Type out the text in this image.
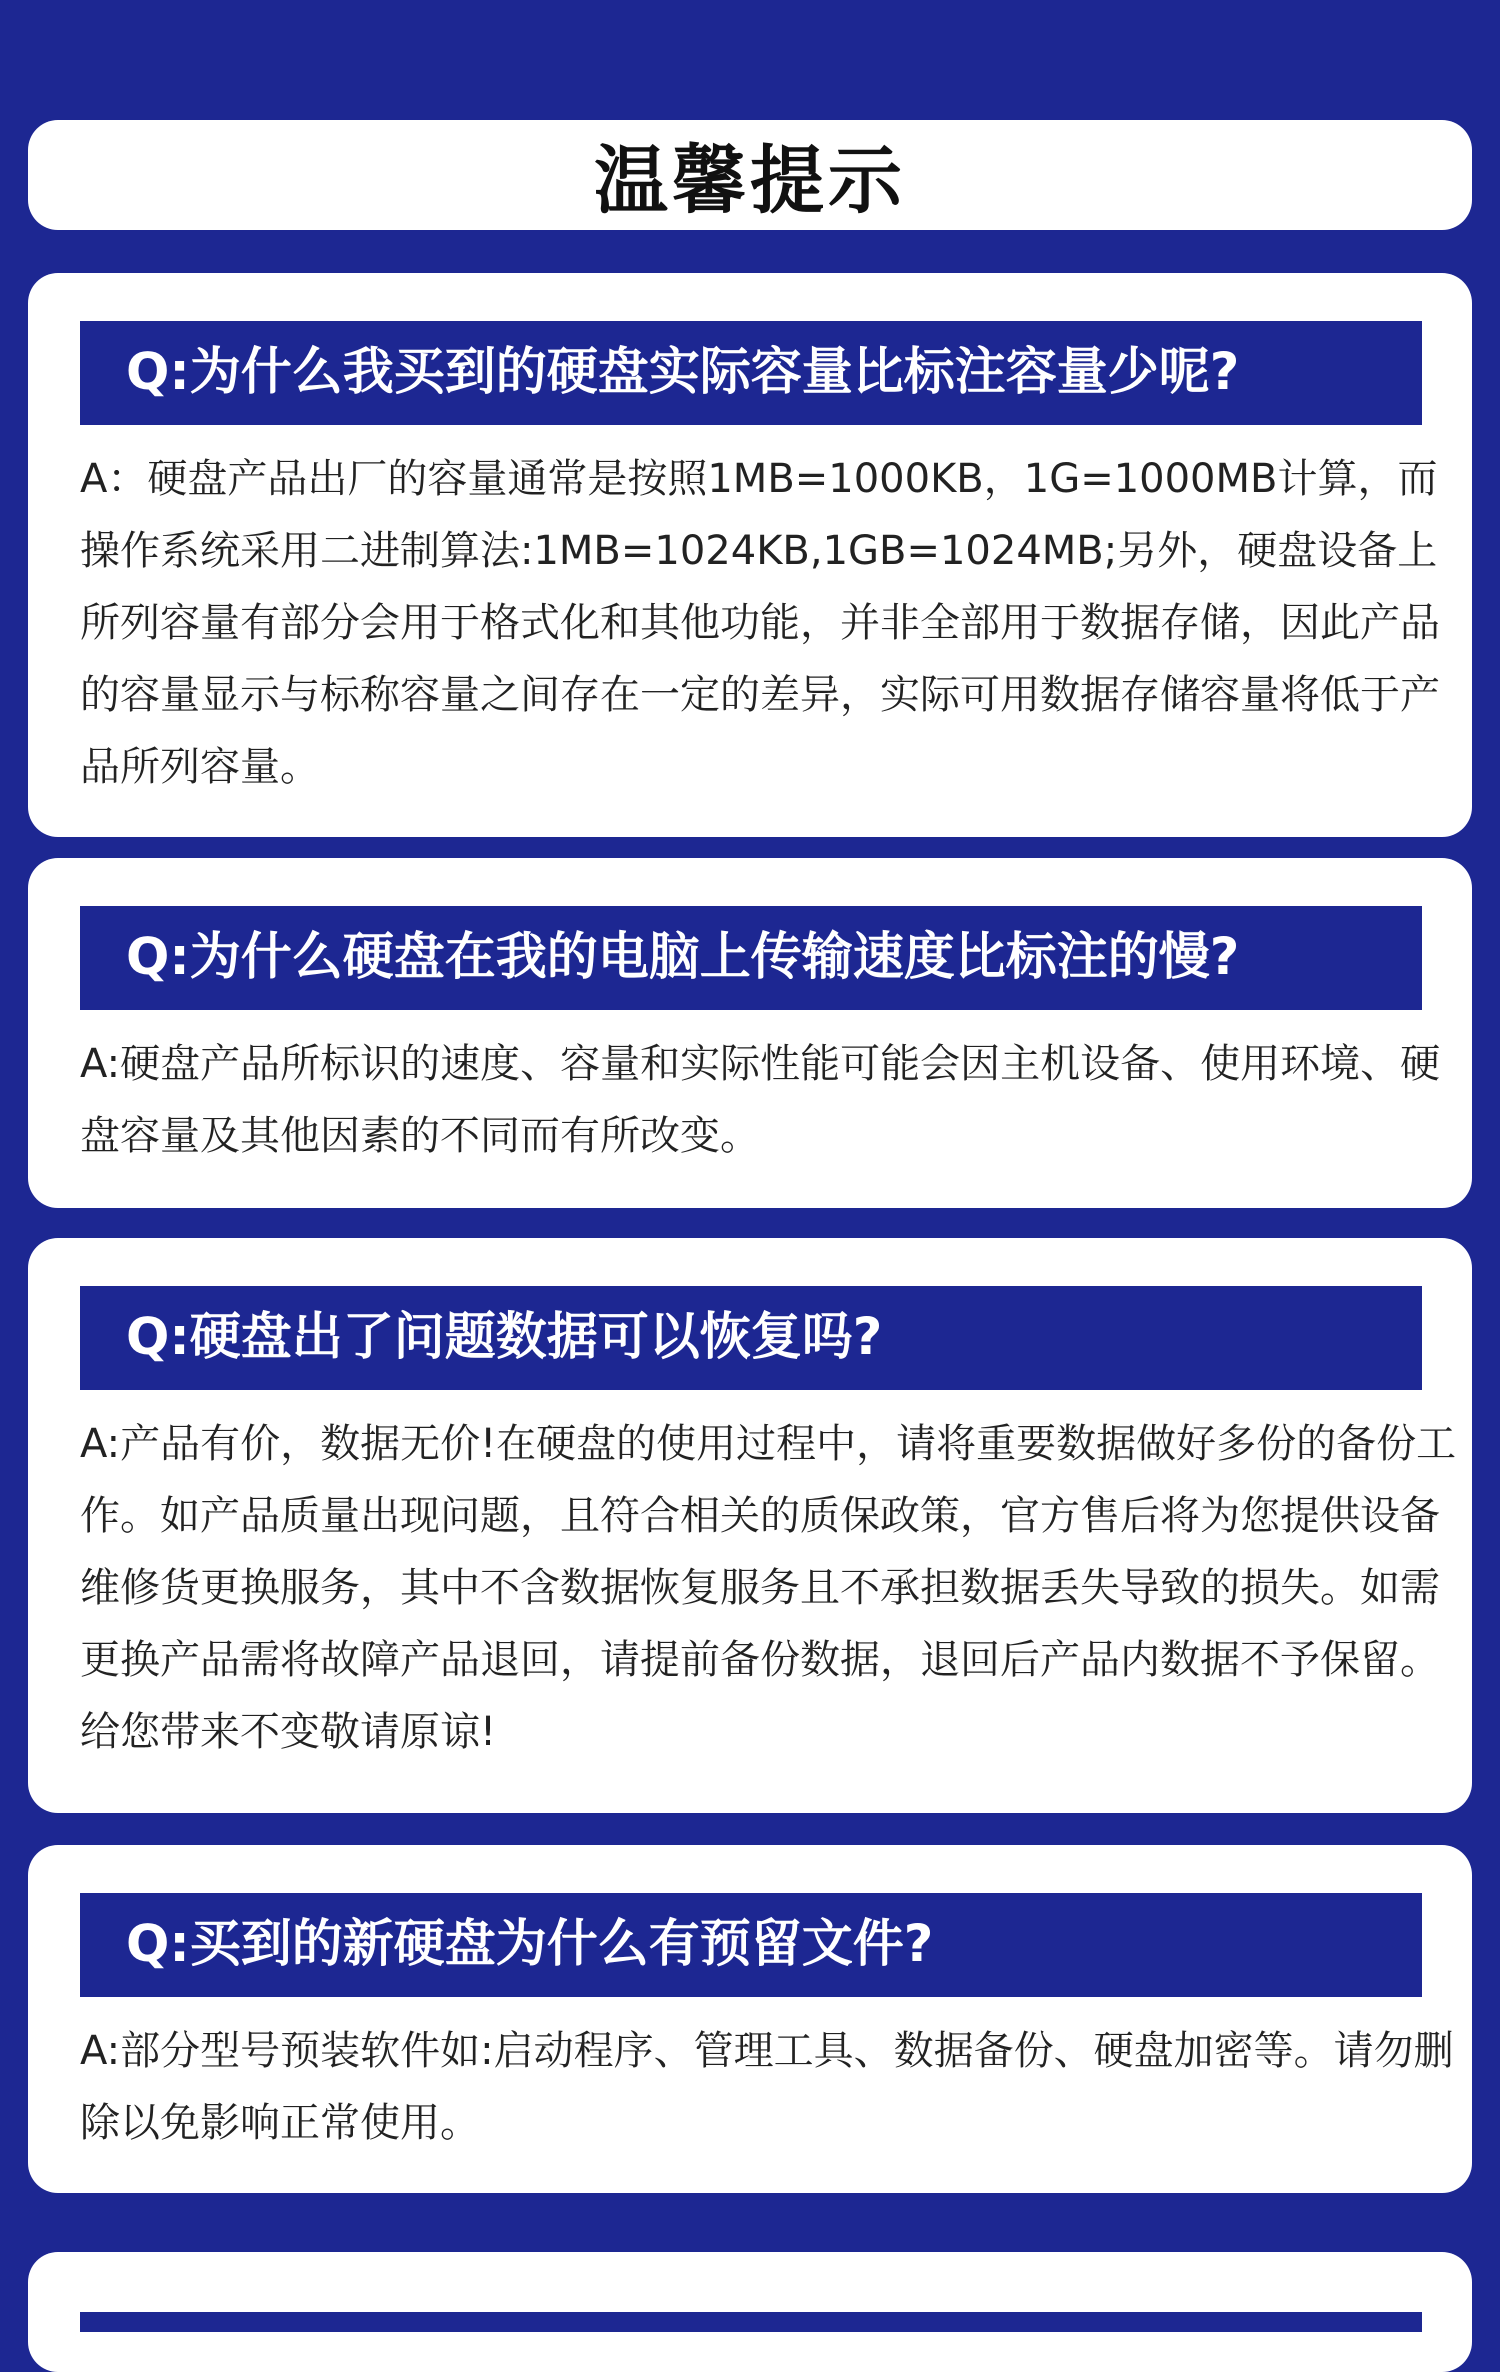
温馨提示
Q:为什么我买到的硬盘实际容量比标注容量少呢?

A：硬盘产品出厂的容量通常是按照1MB=1000KB，1G=1000MB计算，而操作系统采用二进制算法:1MB=1024KB,1GB=1024MB;另外，硬盘设备上所列容量有部分会用于格式化和其他功能，并非全部用于数据存储，因此产品的容量显示与标称容量之间存在一定的差异，实际可用数据存储容量将低于产品所列容量。

Q:为什么硬盘在我的电脑上传输速度比标注的慢?

A:硬盘产品所标识的速度、容量和实际性能可能会因主机设备、使用环境、硬盘容量及其他因素的不同而有所改变。

Q:硬盘出了问题数据可以恢复吗?

A:产品有价，数据无价!在硬盘的使用过程中，请将重要数据做好多份的备份工作。如产品质量出现问题，且符合相关的质保政策，官方售后将为您提供设备维修货更换服务，其中不含数据恢复服务且不承担数据丢失导致的损失。如需更换产品需将故障产品退回，请提前备份数据，退回后产品内数据不予保留。给您带来不变敬请原谅!

Q:买到的新硬盘为什么有预留文件?

A:部分型号预装软件如:启动程序、管理工具、数据备份、硬盘加密等。请勿删除以免影响正常使用。
